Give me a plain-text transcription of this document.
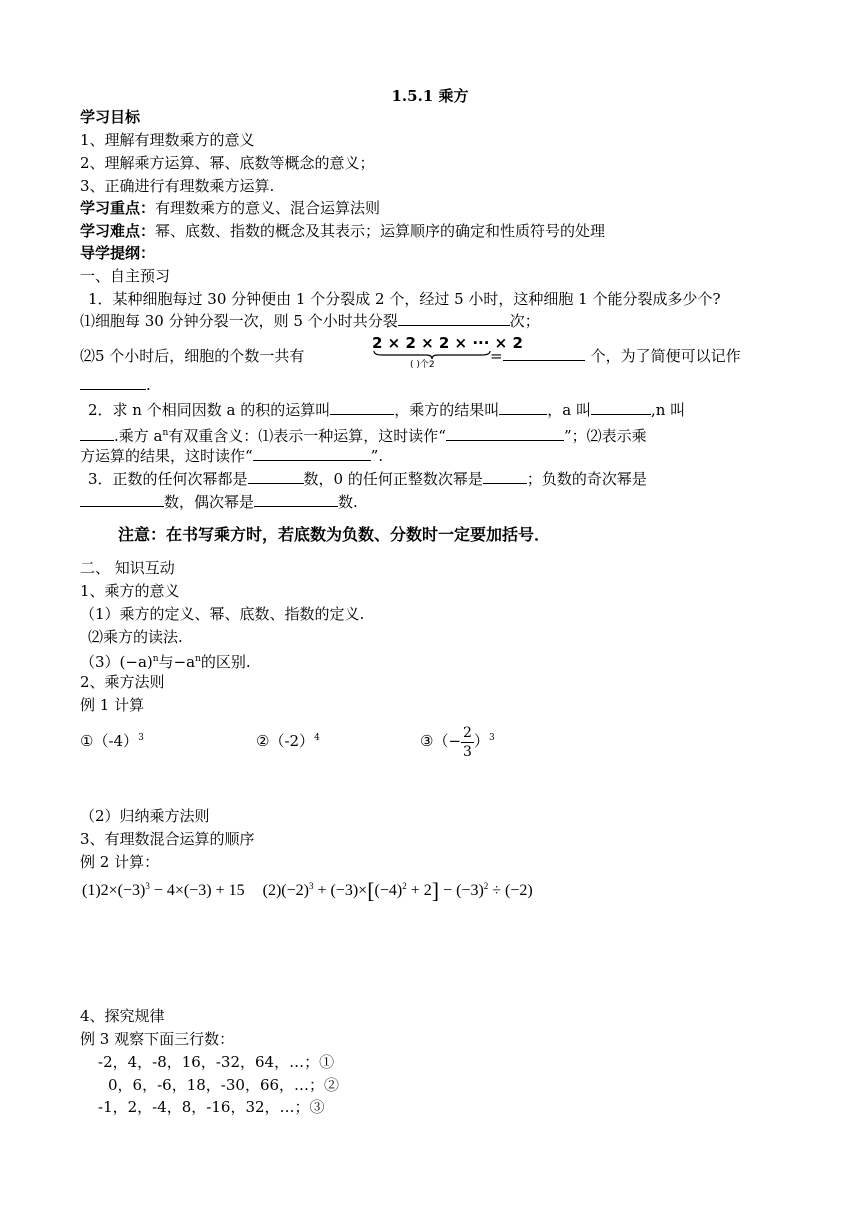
1.5.1 乘方
学习目标
1、理解有理数乘方的意义
2、理解乘方运算、幂、底数等概念的意义；
3、正确进行有理数乘方运算.
学习重点：有理数乘方的意义、混合运算法则
学习难点：幂、底数、指数的概念及其表示；运算顺序的确定和性质符号的处理
导学提纲：
一、自主预习
1．某种细胞每过 30 分钟便由 1 个分裂成 2 个，经过 5 小时，这种细胞 1 个能分裂成多少个?
⑴细胞每 30 分钟分裂一次，则 5 个小时共分裂	次；
2 × 2 × 2 × ··· × 2
( )个2
⑵5 个小时后，细胞的个数一共有	=	个，为了简便可以记作
.
2．求 n 个相同因数 a 的积的运算叫	，乘方的结果叫	，a 叫	,n 叫
.乘方 $a^n$有双重含义：⑴表示一种运算，这时读作“	”；⑵表示乘
方运算的结果，这时读作“	”.
3．正数的任何次幂都是	数，0 的任何正整数次幂是	；负数的奇次幂是
数，偶次幂是	数.
注意：在书写乘方时，若底数为负数、分数时一定要加括号．
二、 知识互动
1、乘方的意义
（1）乘方的定义、幂、底数、指数的定义.
⑵乘方的读法.
$(3)(-a)^n$与$-a^n$的区别.
2、乘方法则
例 1 计算
$①(-4)^3$	$②(-2)^4$	③（− $\frac{2}{3} )^3$
（2）归纳乘方法则
3、有理数混合运算的顺序
例 2 计算：
$(1)2\times(-3)^3 - 4\times(-3) + 15$ $(2)(-2)^3 + (-3)\times[(-4)^2 + 2] - (-3)^2 \div (-2)$
4、探究规律
例 3 观察下面三行数：
-2，4，-8，16，-32，64，…；①
0，6，-6，18，-30，66，…；②
-1，2，-4，8，-16，32，…；③
